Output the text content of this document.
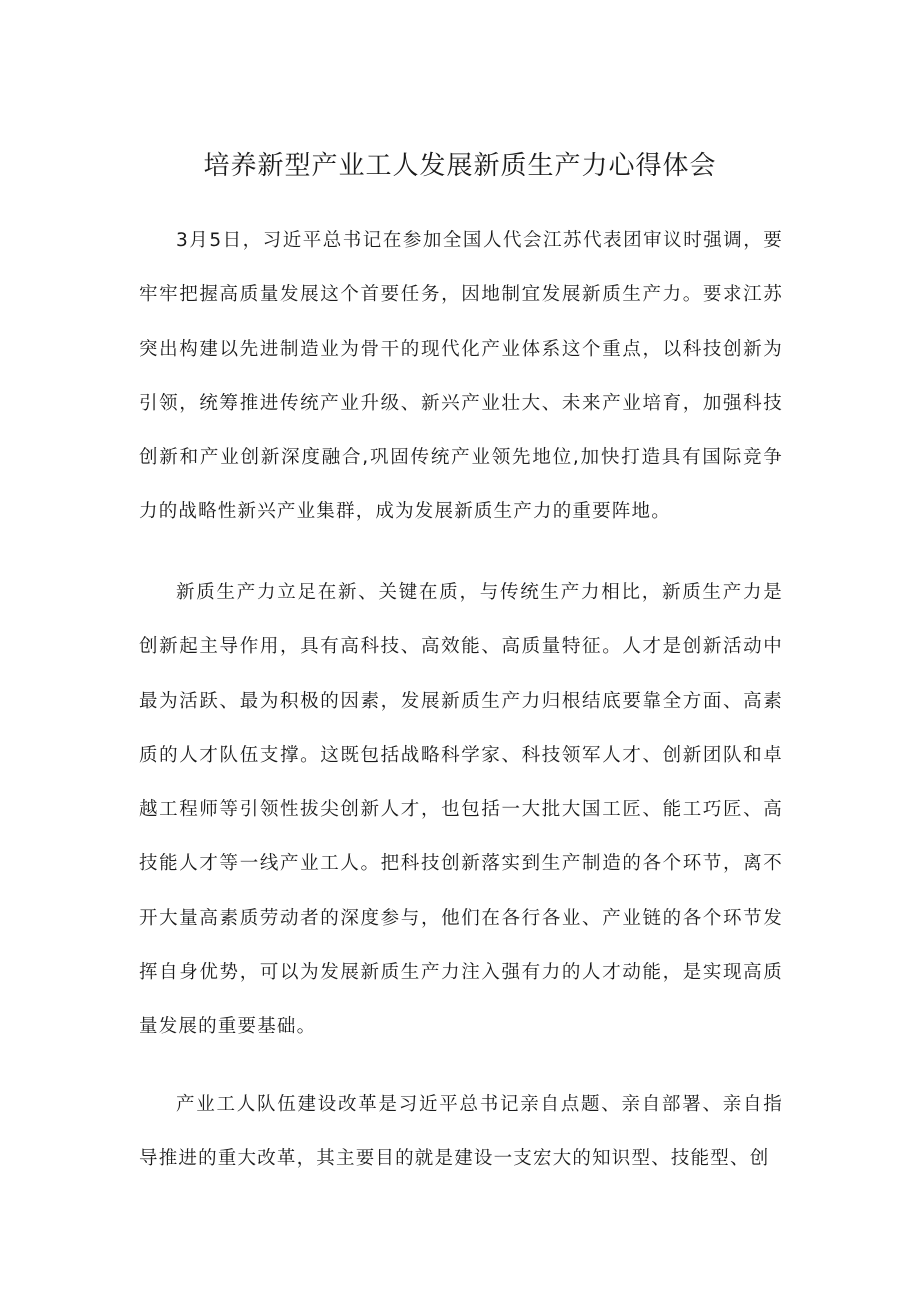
培养新型产业工人发展新质生产力心得体会

3月5日，习近平总书记在参加全国人代会江苏代表团审议时强调，要牢牢把握高质量发展这个首要任务，因地制宜发展新质生产力。要求江苏突出构建以先进制造业为骨干的现代化产业体系这个重点，以科技创新为引领，统筹推进传统产业升级、新兴产业壮大、未来产业培育，加强科技创新和产业创新深度融合,巩固传统产业领先地位,加快打造具有国际竞争力的战略性新兴产业集群，成为发展新质生产力的重要阵地。

新质生产力立足在新、关键在质，与传统生产力相比，新质生产力是创新起主导作用，具有高科技、高效能、高质量特征。人才是创新活动中最为活跃、最为积极的因素，发展新质生产力归根结底要靠全方面、高素质的人才队伍支撑。这既包括战略科学家、科技领军人才、创新团队和卓越工程师等引领性拔尖创新人才，也包括一大批大国工匠、能工巧匠、高技能人才等一线产业工人。把科技创新落实到生产制造的各个环节，离不开大量高素质劳动者的深度参与，他们在各行各业、产业链的各个环节发挥自身优势，可以为发展新质生产力注入强有力的人才动能，是实现高质量发展的重要基础。

产业工人队伍建设改革是习近平总书记亲自点题、亲自部署、亲自指导推进的重大改革，其主要目的就是建设一支宏大的知识型、技能型、创
